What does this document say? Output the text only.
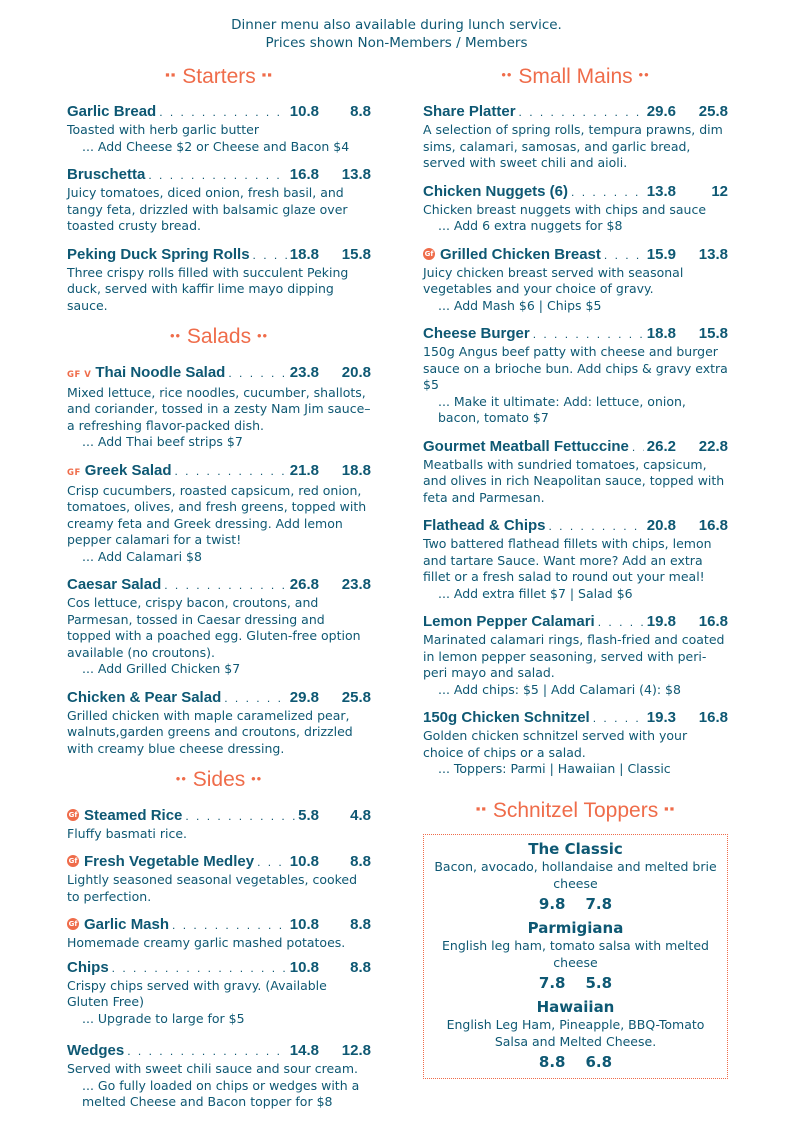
Dinner menu also available during lunch service.
Prices shown Non-Members / Members
▪▪ Starters ▪▪
Garlic Bread . . .	10.8	8.8
Toasted with herb garlic butter
... Add Cheese $2 or Cheese and Bacon $4
Bruschetta . . .	16.8	13.8
Juicy tomatoes, diced onion, fresh basil, and tangy feta, drizzled with balsamic glaze over toasted crusty bread.
Peking Duck Spring Rolls . . .	18.8	15.8
Three crispy rolls filled with succulent Peking duck, served with kaffir lime mayo dipping sauce.
•• Salads ••
GF V Thai Noodle Salad . . .	23.8	20.8
Mixed lettuce, rice noodles, cucumber, shallots, and coriander, tossed in a zesty Nam Jim sauce–a refreshing flavor-packed dish.
... Add Thai beef strips $7
GF Greek Salad . . .	21.8	18.8
Crisp cucumbers, roasted capsicum, red onion, tomatoes, olives, and fresh greens, topped with creamy feta and Greek dressing. Add lemon pepper calamari for a twist!
... Add Calamari $8
Caesar Salad . . .	26.8	23.8
Cos lettuce, crispy bacon, croutons, and Parmesan, tossed in Caesar dressing and topped with a poached egg. Gluten-free option available (no croutons).
... Add Grilled Chicken $7
Chicken & Pear Salad . . .	29.8	25.8
Grilled chicken with maple caramelized pear, walnuts,garden greens and croutons, drizzled with creamy blue cheese dressing.
•• Sides ••
Gf Steamed Rice . . .	5.8	4.8
Fluffy basmati rice.
Gf Fresh Vegetable Medley . . . 10.8	8.8
Lightly seasoned seasonal vegetables, cooked to perfection.
Gf Garlic Mash . . .	10.8	8.8
Homemade creamy garlic mashed potatoes.
Chips . . .	10.8	8.8
Crispy chips served with gravy. (Available Gluten Free)
... Upgrade to large for $5
Wedges . . .	14.8	12.8
Served with sweet chili sauce and sour cream.
... Go fully loaded on chips or wedges with a melted Cheese and Bacon topper for $8
•• Small Mains ••
Share Platter . . .	29.6	25.8
A selection of spring rolls, tempura prawns, dim sims, calamari, samosas, and garlic bread, served with sweet chili and aioli.
Chicken Nuggets (6) . . .	13.8	12
Chicken breast nuggets with chips and sauce
... Add 6 extra nuggets for $8
Gf Grilled Chicken Breast . . .	15.9	13.8
Juicy chicken breast served with seasonal vegetables and your choice of gravy.
... Add Mash $6 | Chips $5
Cheese Burger . . .	18.8	15.8
150g Angus beef patty with cheese and burger sauce on a brioche bun. Add chips & gravy extra $5
... Make it ultimate: Add: lettuce, onion, bacon, tomato $7
Gourmet Meatball Fettuccine . . . 26.2	22.8
Meatballs with sundried tomatoes, capsicum, and olives in rich Neapolitan sauce, topped with feta and Parmesan.
Flathead & Chips . . .	20.8	16.8
Two battered flathead fillets with chips, lemon and tartare Sauce. Want more? Add an extra fillet or a fresh salad to round out your meal!
... Add extra fillet $7 | Salad $6
Lemon Pepper Calamari . . .	19.8	16.8
Marinated calamari rings, flash-fried and coated in lemon pepper seasoning, served with peri-peri mayo and salad.
... Add chips: $5 | Add Calamari (4): $8
150g Chicken Schnitzel . . .	19.3	16.8
Golden chicken schnitzel served with your choice of chips or a salad.
... Toppers: Parmi | Hawaiian | Classic
▪▪ Schnitzel Toppers ▪▪
The Classic
Bacon, avocado, hollandaise and melted brie cheese
9.8 7.8
Parmigiana
English leg ham, tomato salsa with melted cheese
7.8 5.8
Hawaiian
English Leg Ham, Pineapple, BBQ-Tomato Salsa and Melted Cheese.
8.8 6.8
